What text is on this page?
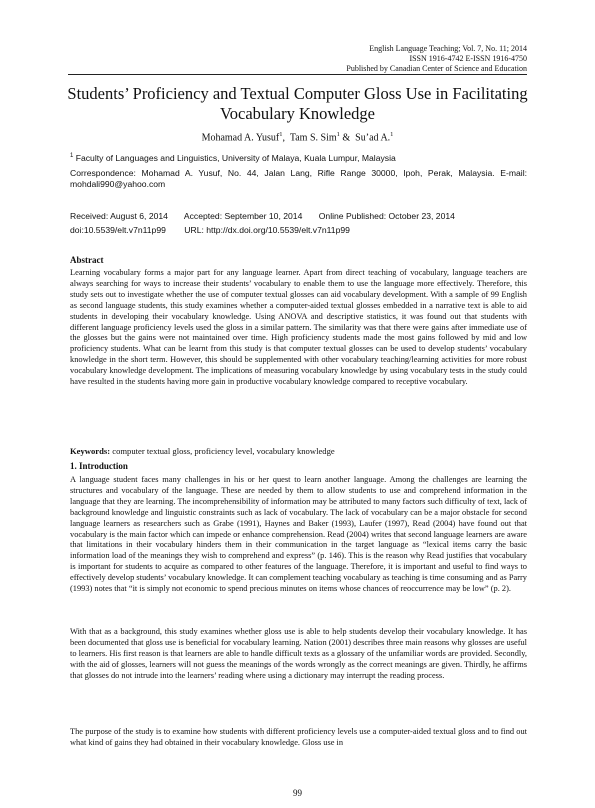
English Language Teaching; Vol. 7, No. 11; 2014
ISSN 1916-4742 E-ISSN 1916-4750
Published by Canadian Center of Science and Education
Students’ Proficiency and Textual Computer Gloss Use in Facilitating Vocabulary Knowledge
Mohamad A. Yusuf$^1$,  Tam S. Sim$^1$ &  Su’ad A.$^1$
$^1$ Faculty of Languages and Linguistics, University of Malaya, Kuala Lumpur, Malaysia
Correspondence: Mohamad A. Yusuf, No. 44, Jalan Lang, Rifle Range 30000, Ipoh, Perak, Malaysia. E-mail: mohdali990@yahoo.com
Received: August 6, 2014 Accepted: September 10, 2014 Online Published: October 23, 2014
doi:10.5539/elt.v7n11p99 URL: http://dx.doi.org/10.5539/elt.v7n11p99

Abstract

Learning vocabulary forms a major part for any language learner. Apart from direct teaching of vocabulary, language teachers are always searching for ways to increase their students’ vocabulary to enable them to use the language more effectively. Therefore, this study sets out to investigate whether the use of computer textual glosses can aid vocabulary development. With a sample of 99 English as second language students, this study examines whether a computer-aided textual glosses embedded in a narrative text is able to aid students in developing their vocabulary knowledge. Using ANOVA and descriptive statistics, it was found out that students with different language proficiency levels used the gloss in a similar pattern. The similarity was that there were gains after immediate use of the glosses but the gains were not maintained over time. High proficiency students made the most gains followed by mid and low proficiency students. What can be learnt from this study is that computer textual glosses can be used to develop students’ vocabulary knowledge in the short term. However, this should be supplemented with other vocabulary teaching/learning activities for more robust vocabulary knowledge development. The implications of measuring vocabulary knowledge by using vocabulary tests in the study could have resulted in the students having more gain in productive vocabulary knowledge compared to receptive vocabulary.

Keywords: computer textual gloss, proficiency level, vocabulary knowledge

1. Introduction

A language student faces many challenges in his or her quest to learn another language. Among the challenges are learning the structures and vocabulary of the language. These are needed by them to allow students to use and comprehend information in the language that they are learning. The incomprehensibility of information may be attributed to many factors such difficulty of text, lack of background knowledge and linguistic constraints such as lack of vocabulary. The lack of vocabulary can be a major obstacle for second language learners as researchers such as Grabe (1991), Haynes and Baker (1993), Laufer (1997), Read (2004) have found out that vocabulary is the main factor which can impede or enhance comprehension. Read (2004) writes that second language learners are aware that limitations in their vocabulary hinders them in their communication in the target language as “lexical items carry the basic information load of the meanings they wish to comprehend and express” (p. 146). This is the reason why Read justifies that vocabulary is important for students to acquire as compared to other features of the language. Therefore, it is important and useful to find ways to effectively develop students’ vocabulary knowledge. It can complement teaching vocabulary as teaching is time consuming and as Parry (1993) notes that “it is simply not economic to spend precious minutes on items whose chances of reoccurrence may be low” (p. 2).

With that as a background, this study examines whether gloss use is able to help students develop their vocabulary knowledge. It has been documented that gloss use is beneficial for vocabulary learning. Nation (2001) describes three main reasons why glosses are useful to learners. His first reason is that learners are able to handle difficult texts as a glossary of the unfamiliar words are provided. Secondly, with the aid of glosses, learners will not guess the meanings of the words wrongly as the correct meanings are given. Thirdly, he affirms that glosses do not intrude into the learners’ reading where using a dictionary may interrupt the reading process.

The purpose of the study is to examine how students with different proficiency levels use a computer-aided textual gloss and to find out what kind of gains they had obtained in their vocabulary knowledge. Gloss use in

99
